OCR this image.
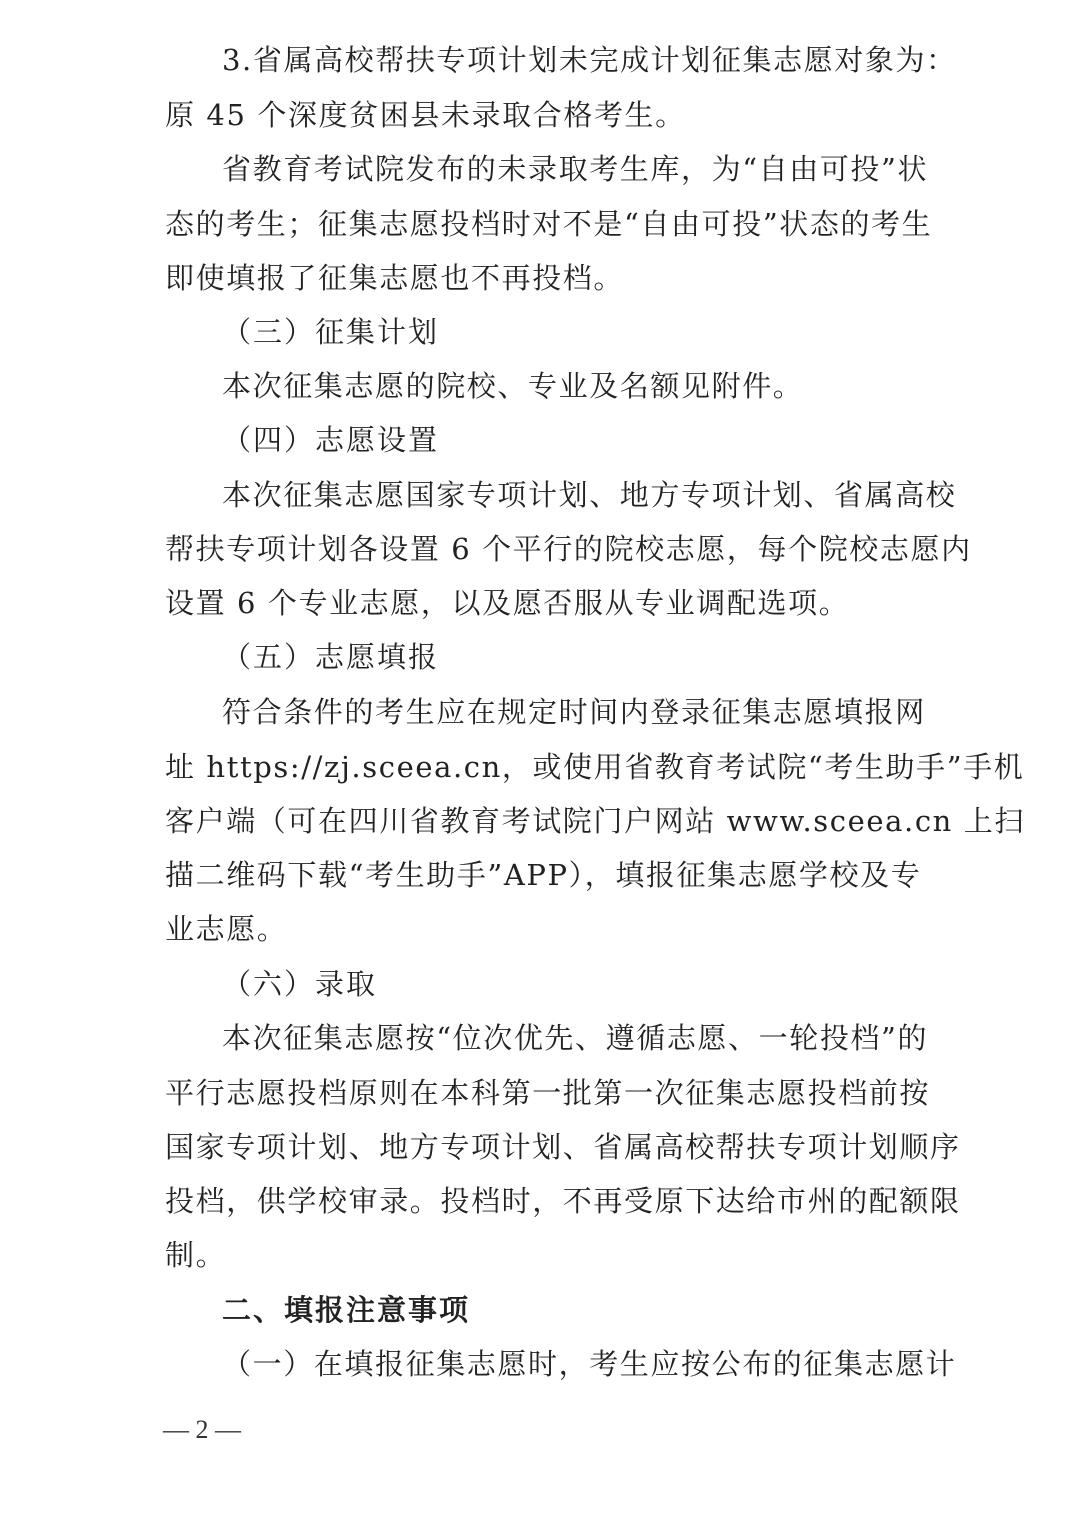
3.省属高校帮扶专项计划未完成计划征集志愿对象为：
原 45 个深度贫困县未录取合格考生。
省教育考试院发布的未录取考生库，为“自由可投”状
态的考生；征集志愿投档时对不是“自由可投”状态的考生
即使填报了征集志愿也不再投档。
（三）征集计划
本次征集志愿的院校、专业及名额见附件。
（四）志愿设置
本次征集志愿国家专项计划、地方专项计划、省属高校
帮扶专项计划各设置 6 个平行的院校志愿，每个院校志愿内
设置 6 个专业志愿，以及愿否服从专业调配选项。
（五）志愿填报
符合条件的考生应在规定时间内登录征集志愿填报网
址 https://zj.sceea.cn，或使用省教育考试院“考生助手”手机
客户端（可在四川省教育考试院门户网站 www.sceea.cn 上扫
描二维码下载“考生助手”APP），填报征集志愿学校及专
业志愿。
（六）录取
本次征集志愿按“位次优先、遵循志愿、一轮投档”的
平行志愿投档原则在本科第一批第一次征集志愿投档前按
国家专项计划、地方专项计划、省属高校帮扶专项计划顺序
投档，供学校审录。投档时，不再受原下达给市州的配额限
制。
二、填报注意事项
（一）在填报征集志愿时，考生应按公布的征集志愿计
— 2 —
